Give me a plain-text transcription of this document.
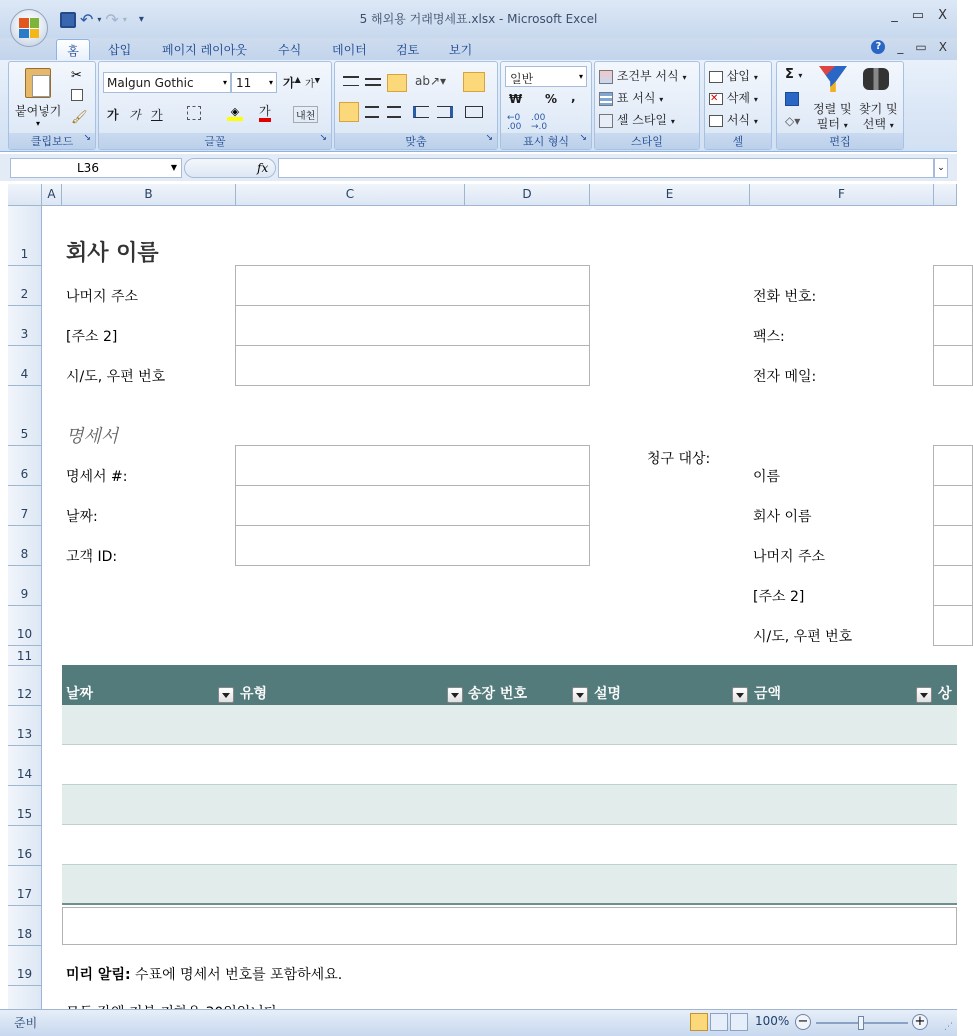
↶ ▾ ↷ ▾ ▾	5 해외용 거래명세표.xlsx - Microsoft Excel	_ ▭ X
홈	삽입	페이지 레이아웃	수식	데이터 검토 보기	?	_ ▭ X
붙여넣기
▾
✂
🖌
클립보드 ↘
Malgun Gothic	▾ 11 ▾ 가▲ 가▼
가 가 가	◈	가	내천
글꼴	↘
ab↗▾
맞춤	↘
일반	▾
₩ % ,
←0
.00
.00
→.0
표시 형식 ↘
조건부 서식 ▾
표 서식 ▾
셀 스타일 ▾
스타일
삽입 ▾
✕ 삭제 ▾
서식 ▾
셀
Σ ▾
◇▾
정렬 및
필터 ▾
찾기 및
선택 ▾
편집
L36	▼	fx	⌄
A	B	C	D	E	F
1
2
3
4
5
6
7
8
9
10
11
12
13
14
15
16
17
18
19
회사 이름
나머지 주소
[주소 2]
시/도, 우편 번호
전화 번호:
팩스:
전자 메일:
명세서
명세서 #:
날짜:
고객 ID:
청구 대상:
이름
회사 이름
나머지 주소
[주소 2]
시/도, 우편 번호
날짜	유형	송장 번호	설명	금액	상
미리 알림: 수표에 명세서 번호를 포함하세요.
준비	100% −	+ ⋰
